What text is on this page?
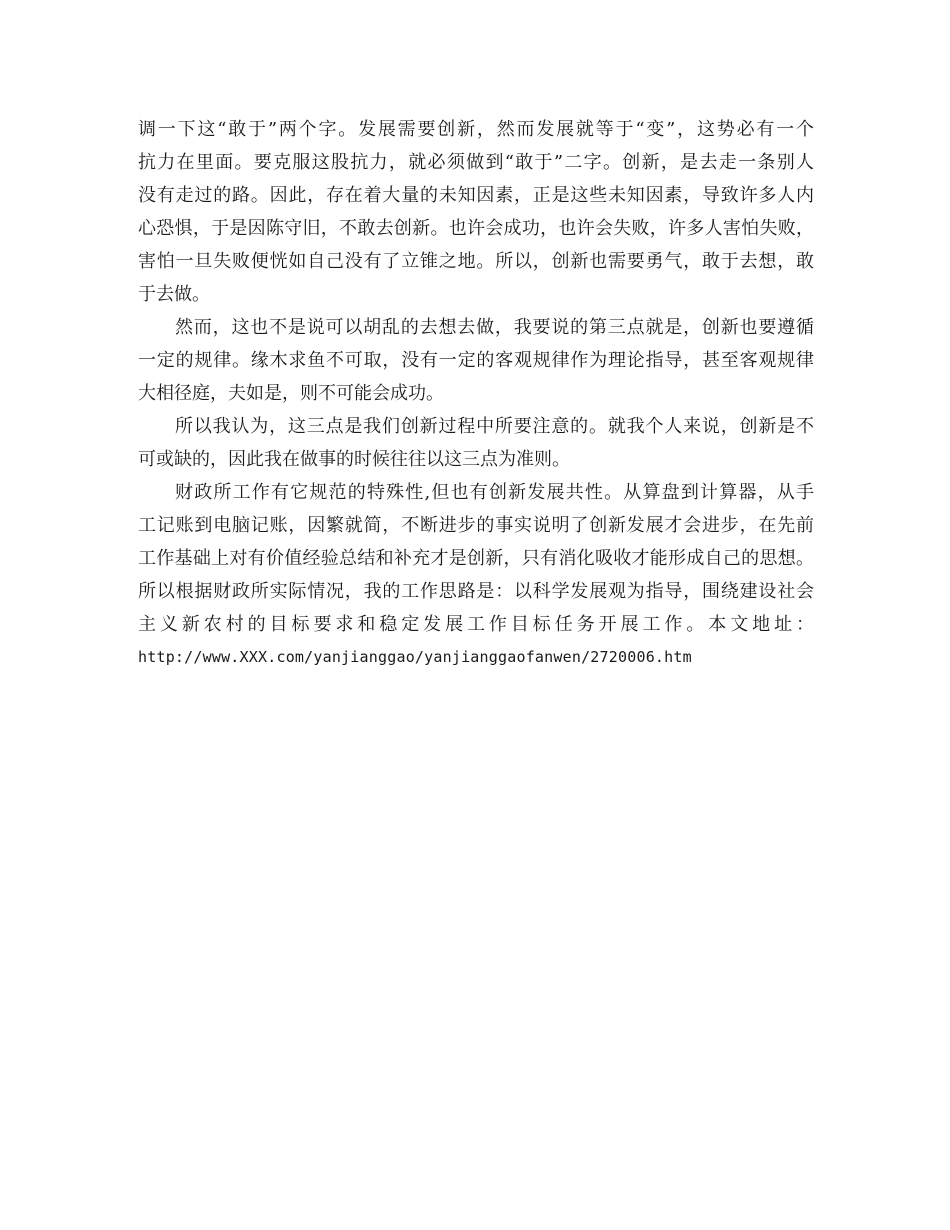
调一下这“敢于”两个字。发展需要创新，然而发展就等于“变”，这势必有一个
抗力在里面。要克服这股抗力，就必须做到“敢于”二字。创新，是去走一条别人
没有走过的路。因此，存在着大量的未知因素，正是这些未知因素，导致许多人内
心恐惧，于是因陈守旧，不敢去创新。也许会成功，也许会失败，许多人害怕失败，
害怕一旦失败便恍如自己没有了立锥之地。所以，创新也需要勇气，敢于去想，敢
于去做。
然而，这也不是说可以胡乱的去想去做，我要说的第三点就是，创新也要遵循
一定的规律。缘木求鱼不可取，没有一定的客观规律作为理论指导，甚至客观规律
大相径庭，夫如是，则不可能会成功。
所以我认为，这三点是我们创新过程中所要注意的。就我个人来说，创新是不
可或缺的，因此我在做事的时候往往以这三点为准则。
财政所工作有它规范的特殊性,但也有创新发展共性。从算盘到计算器，从手
工记账到电脑记账，因繁就简，不断进步的事实说明了创新发展才会进步，在先前
工作基础上对有价值经验总结和补充才是创新，只有消化吸收才能形成自己的思想。
所以根据财政所实际情况，我的工作思路是：以科学发展观为指导，围绕建设社会
主义新农村的目标要求和稳定发展工作目标任务开展工作。本文地址：
http://www.XXX.com/yanjianggao/yanjianggaofanwen/2720006.htm
